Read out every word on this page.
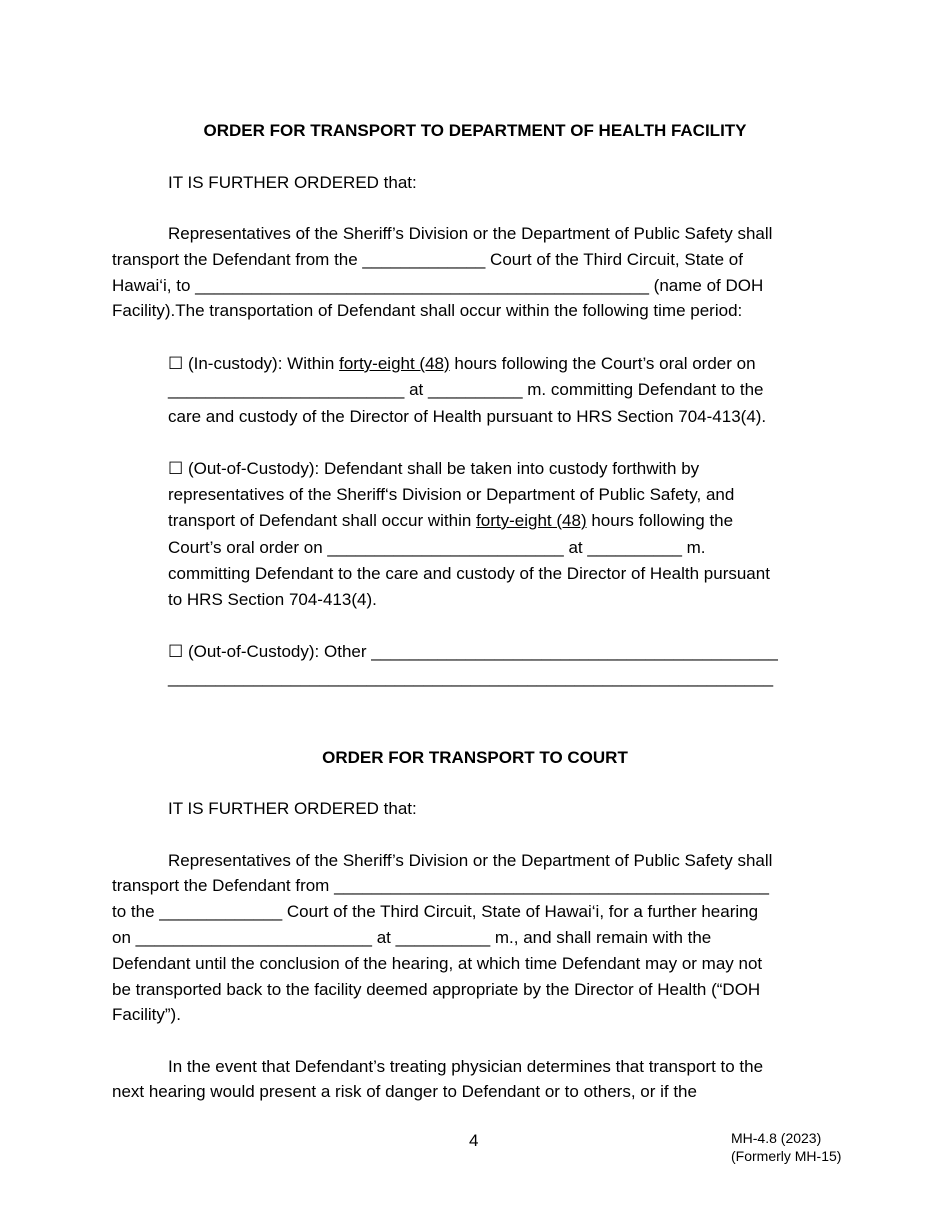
ORDER FOR TRANSPORT TO DEPARTMENT OF HEALTH FACILITY
IT IS FURTHER ORDERED that:
Representatives of the Sheriff’s Division or the Department of Public Safety shall
transport the Defendant from the _____________ Court of the Third Circuit, State of
Hawai‘i, to ________________________________________________ (name of DOH
Facility).The transportation of Defendant shall occur within the following time period:
☐ (In-custody): Within forty-eight (48) hours following the Court’s oral order on
_________________________ at __________ m. committing Defendant to the
care and custody of the Director of Health pursuant to HRS Section 704-413(4).
☐ (Out-of-Custody): Defendant shall be taken into custody forthwith by
representatives of the Sheriff‘s Division or Department of Public Safety, and
transport of Defendant shall occur within forty-eight (48) hours following the
Court’s oral order on _________________________ at __________ m.
committing Defendant to the care and custody of the Director of Health pursuant
to HRS Section 704-413(4).
☐ (Out-of-Custody): Other ___________________________________________
________________________________________________________________
ORDER FOR TRANSPORT TO COURT
IT IS FURTHER ORDERED that:
Representatives of the Sheriff’s Division or the Department of Public Safety shall
transport the Defendant from ______________________________________________
to the _____________ Court of the Third Circuit, State of Hawai‘i, for a further hearing
on _________________________ at __________ m., and shall remain with the
Defendant until the conclusion of the hearing, at which time Defendant may or may not
be transported back to the facility deemed appropriate by the Director of Health (“DOH
Facility”).
In the event that Defendant’s treating physician determines that transport to the
next hearing would present a risk of danger to Defendant or to others, or if the
4	MH-4.8 (2023)
(Formerly MH-15)
